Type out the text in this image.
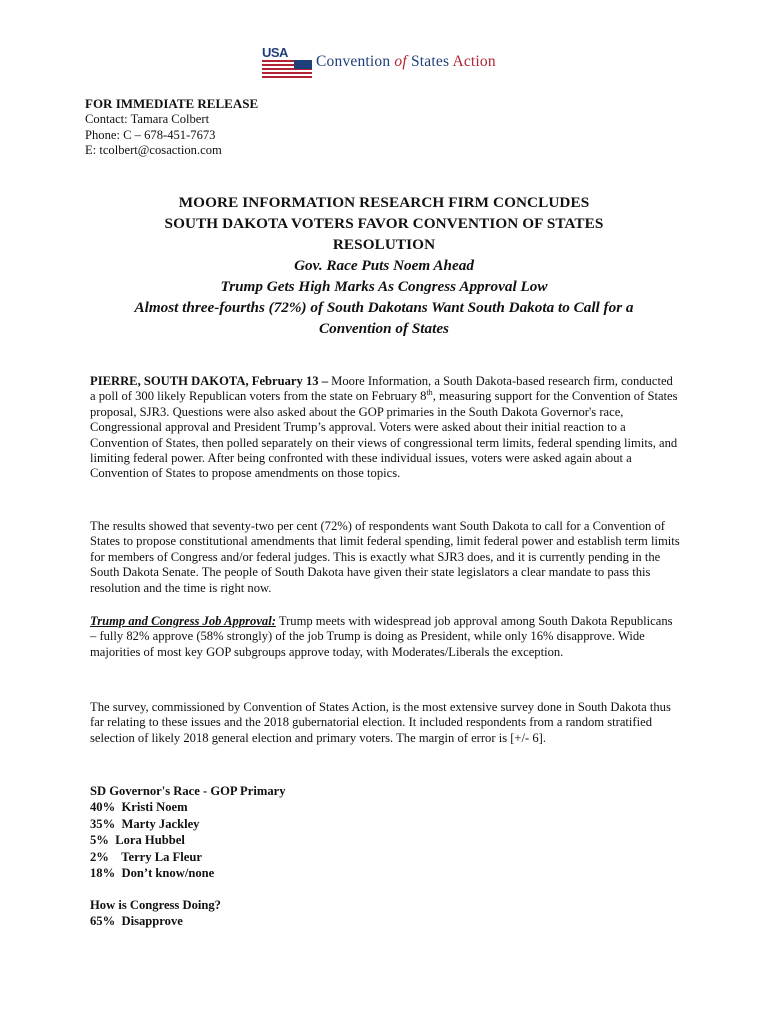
USA
Convention of States Action
FOR IMMEDIATE RELEASE
Contact: Tamara Colbert
Phone: C – 678-451-7673
E: tcolbert@cosaction.com
MOORE INFORMATION RESEARCH FIRM CONCLUDES
SOUTH DAKOTA VOTERS FAVOR CONVENTION OF STATES
RESOLUTION
Gov. Race Puts Noem Ahead
Trump Gets High Marks As Congress Approval Low
Almost three-fourths (72%) of South Dakotans Want South Dakota to Call for a
Convention of States

PIERRE, SOUTH DAKOTA, February 13 – Moore Information, a South Dakota-based research firm, conducted a poll of 300 likely Republican voters from the state on February 8th, measuring support for the Convention of States proposal, SJR3. Questions were also asked about the GOP primaries in the South Dakota Governor's race, Congressional approval and President Trump’s approval. Voters were asked about their initial reaction to a Convention of States, then polled separately on their views of congressional term limits, federal spending limits, and limiting federal power. After being confronted with these individual issues, voters were asked again about a Convention of States to propose amendments on those topics.

The results showed that seventy-two per cent (72%) of respondents want South Dakota to call for a Convention of States to propose constitutional amendments that limit federal spending, limit federal power and establish term limits for members of Congress and/or federal judges. This is exactly what SJR3 does, and it is currently pending in the South Dakota Senate. The people of South Dakota have given their state legislators a clear mandate to pass this resolution and the time is right now.

Trump and Congress Job Approval: Trump meets with widespread job approval among South Dakota Republicans – fully 82% approve (58% strongly) of the job Trump is doing as President, while only 16% disapprove. Wide majorities of most key GOP subgroups approve today, with Moderates/Liberals the exception.

The survey, commissioned by Convention of States Action, is the most extensive survey done in South Dakota thus far relating to these issues and the 2018 gubernatorial election. It included respondents from a random stratified selection of likely 2018 general election and primary voters. The margin of error is [+/- 6].

SD Governor's Race - GOP Primary
40%  Kristi Noem
35%  Marty Jackley
5%  Lora Hubbel
2%    Terry La Fleur
18%  Don’t know/none
How is Congress Doing?
65%  Disapprove
